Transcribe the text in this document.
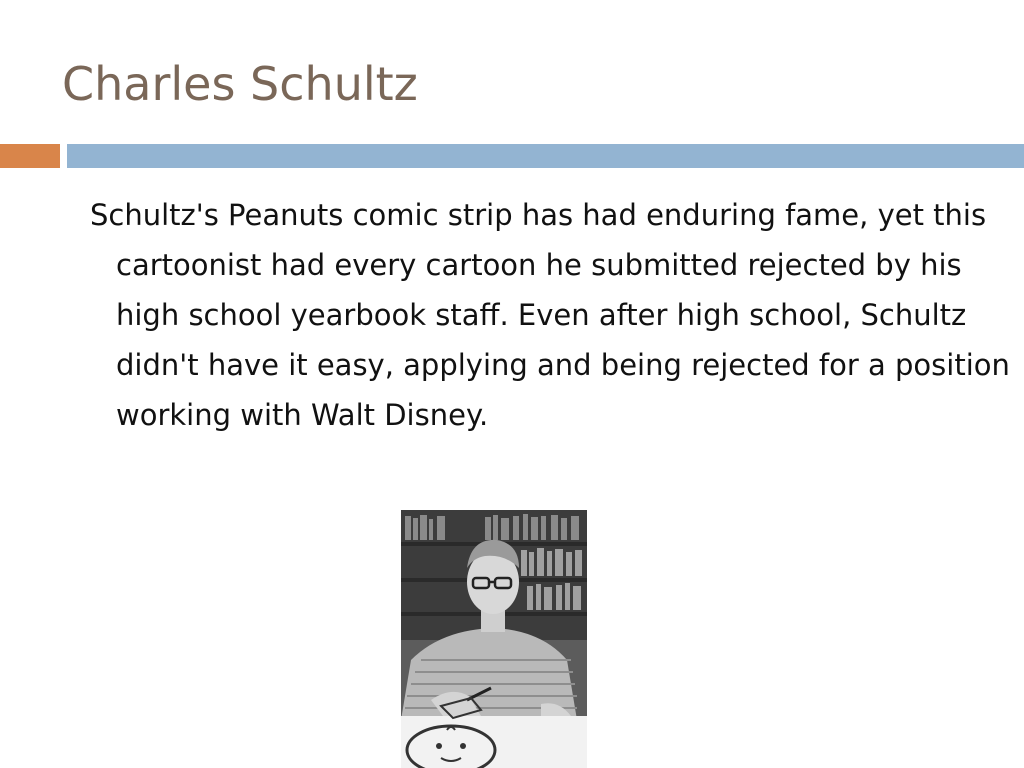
Charles Schultz

Schultz's Peanuts comic strip has had enduring fame, yet this cartoonist had every cartoon he submitted rejected by his high school yearbook staff. Even after high school, Schultz didn't have it easy, applying and being rejected for a position working with Walt Disney.
